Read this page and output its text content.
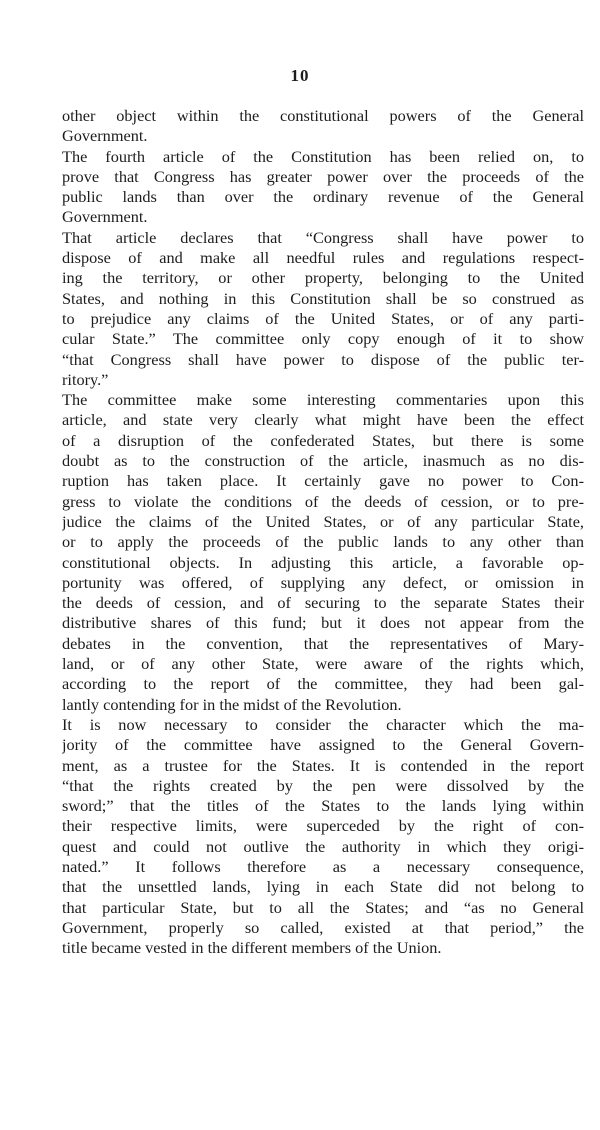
10
other object within the constitutional powers of the General
Government.
The fourth article of the Constitution has been relied on, to
prove that Congress has greater power over the proceeds of the
public lands than over the ordinary revenue of the General
Government.
That article declares that “Congress shall have power to
dispose of and make all needful rules and regulations respect-
ing the territory, or other property, belonging to the United
States, and nothing in this Constitution shall be so construed as
to prejudice any claims of the United States, or of any parti-
cular State.” The committee only copy enough of it to show
“that Congress shall have power to dispose of the public ter-
ritory.”
The committee make some interesting commentaries upon this
article, and state very clearly what might have been the effect
of a disruption of the confederated States, but there is some
doubt as to the construction of the article, inasmuch as no dis-
ruption has taken place. It certainly gave no power to Con-
gress to violate the conditions of the deeds of cession, or to pre-
judice the claims of the United States, or of any particular State,
or to apply the proceeds of the public lands to any other than
constitutional objects. In adjusting this article, a favorable op-
portunity was offered, of supplying any defect, or omission in
the deeds of cession, and of securing to the separate States their
distributive shares of this fund; but it does not appear from the
debates in the convention, that the representatives of Mary-
land, or of any other State, were aware of the rights which,
according to the report of the committee, they had been gal-
lantly contending for in the midst of the Revolution.
It is now necessary to consider the character which the ma-
jority of the committee have assigned to the General Govern-
ment, as a trustee for the States. It is contended in the report
“that the rights created by the pen were dissolved by the
sword;” that the titles of the States to the lands lying within
their respective limits, were superceded by the right of con-
quest and could not outlive the authority in which they origi-
nated.” It follows therefore as a necessary consequence,
that the unsettled lands, lying in each State did not belong to
that particular State, but to all the States; and “as no General
Government, properly so called, existed at that period,” the
title became vested in the different members of the Union.
